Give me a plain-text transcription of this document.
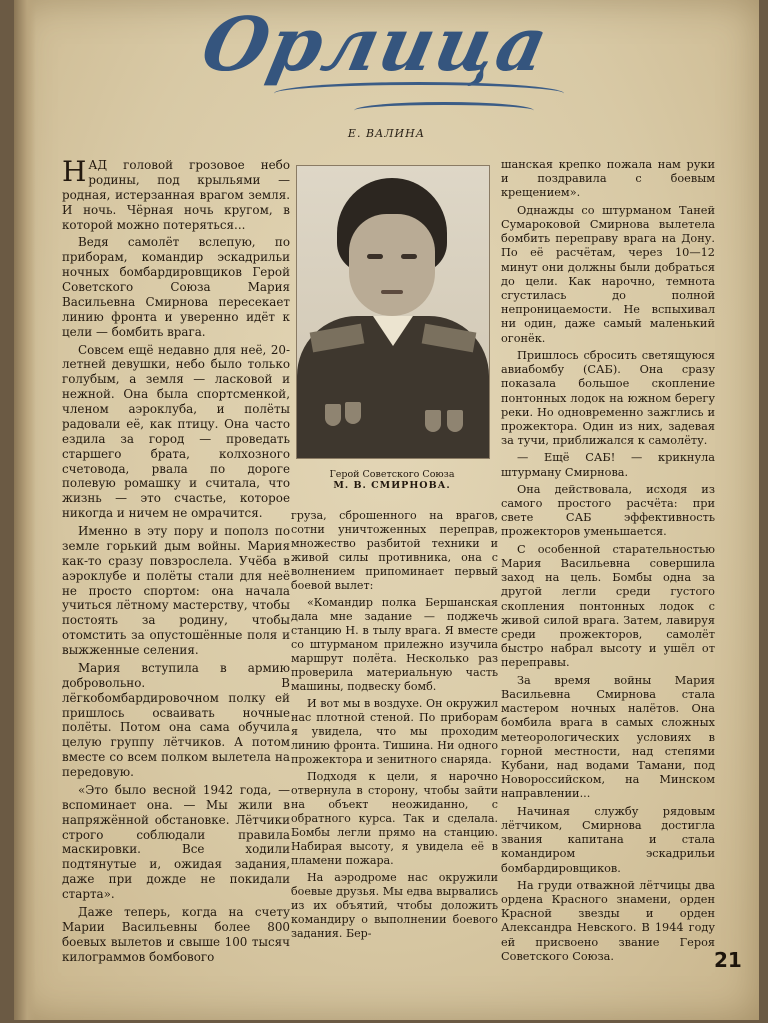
Орлица
Е. ВАЛИНА

НАД головой грозовое небо родины, под крыльями — родная, истерзанная врагом земля. И ночь. Чёрная ночь кругом, в которой можно потеряться...

Ведя самолёт вслепую, по приборам, командир эскадрильи ночных бомбардировщиков Герой Советского Союза Мария Васильевна Смирнова пересекает линию фронта и уверенно идёт к цели — бомбить врага.

Совсем ещё недавно для неё, 20-летней девушки, небо было только голубым, а земля — ласковой и нежной. Она была спортсменкой, членом аэроклуба, и полёты радовали её, как птицу. Она часто ездила за город — проведать старшего брата, колхозного счетовода, рвала по дороге полевую ромашку и считала, что жизнь — это счастье, которое никогда и ничем не омрачится.

Именно в эту пору и пополз по земле горький дым войны. Мария как-то сразу повзрослела. Учёба в аэроклубе и полёты стали для неё не просто спортом: она начала учиться лётному мастерству, чтобы постоять за родину, чтобы отомстить за опустошённые поля и выжженные селения.

Мария вступила в армию добровольно. В лёгкобомбардировочном полку ей пришлось осваивать ночные полёты. Потом она сама обучила целую группу лётчиков. А потом вместе со всем полком вылетела на передовую.

«Это было весной 1942 года, — вспоминает она. — Мы жили в напряжённой обстановке. Лётчики строго соблюдали правила маскировки. Все ходили подтянутые и, ожидая задания, даже при дожде не покидали старта».

Даже теперь, когда на счету Марии Васильевны более 800 боевых вылетов и свыше 100 тысяч килограммов бомбового

Герой Советского Союза
М. В. СМИРНОВА.

груза, сброшенного на врагов, сотни уничтоженных переправ, множество разбитой техники и живой силы противника, она с волнением припоминает первый боевой вылет:

«Командир полка Бершанская дала мне задание — поджечь станцию Н. в тылу врага. Я вместе со штурманом прилежно изучила маршрут полёта. Несколько раз проверила материальную часть машины, подвеску бомб.

И вот мы в воздухе. Он окружил нас плотной стеной. По приборам я увидела, что мы проходим линию фронта. Тишина. Ни одного прожектора и зенитного снаряда.

Подходя к цели, я нарочно отвернула в сторону, чтобы зайти на объект неожиданно, с обратного курса. Так и сделала. Бомбы легли прямо на станцию. Набирая высоту, я увидела её в пламени пожара.

На аэродроме нас окружили боевые друзья. Мы едва вырвались из их объятий, чтобы доложить командиру о выполнении боевого задания. Бер-

шанская крепко пожала нам руки и поздравила с боевым крещением».

Однажды со штурманом Таней Сумароковой Смирнова вылетела бомбить переправу врага на Дону. По её расчётам, через 10—12 минут они должны были добраться до цели. Как нарочно, темнота сгустилась до полной непроницаемости. Не вспыхивал ни один, даже самый маленький огонёк.

Пришлось сбросить светящуюся авиабомбу (САБ). Она сразу показала большое скопление понтонных лодок на южном берегу реки. Но одновременно зажглись и прожектора. Один из них, задевая за тучи, приближался к самолёту.

— Ещё САБ! — крикнула штурману Смирнова.

Она действовала, исходя из самого простого расчёта: при свете САБ эффективность прожекторов уменьшается.

С особенной старательностью Мария Васильевна совершила заход на цель. Бомбы одна за другой легли среди густого скопления понтонных лодок с живой силой врага. Затем, лавируя среди прожекторов, самолёт быстро набрал высоту и ушёл от переправы.

За время войны Мария Васильевна Смирнова стала мастером ночных налётов. Она бомбила врага в самых сложных метеорологических условиях в горной местности, над степями Кубани, над водами Тамани, под Новороссийском, на Минском направлении...

Начиная службу рядовым лётчиком, Смирнова достигла звания капитана и стала командиром эскадрильи бомбардировщиков.

На груди отважной лётчицы два ордена Красного знамени, орден Красной звезды и орден Александра Невского. В 1944 году ей присвоено звание Героя Советского Союза.	21
